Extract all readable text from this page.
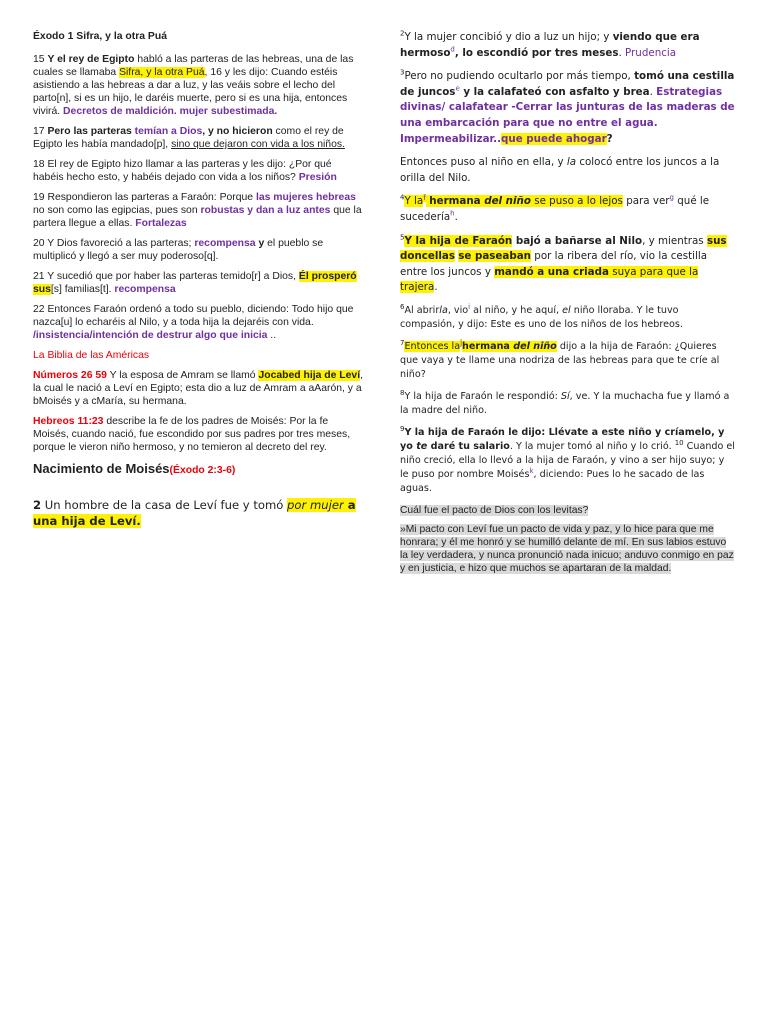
Éxodo 1 Sifra, y la otra Puá

15 Y el rey de Egipto habló a las parteras de las hebreas, una de las cuales se llamaba Sifra, y la otra Puá, 16 y les dijo: Cuando estéis asistiendo a las hebreas a dar a luz, y las veáis sobre el lecho del parto[n], si es un hijo, le daréis muerte, pero si es una hija, entonces vivirá. Decretos de maldición. mujer subestimada.

17 Pero las parteras temían a Dios, y no hicieron como el rey de Egipto les había mandado[p], sino que dejaron con vida a los niños.

18 El rey de Egipto hizo llamar a las parteras y les dijo: ¿Por qué habéis hecho esto, y habéis dejado con vida a los niños? Presión

19 Respondieron las parteras a Faraón: Porque las mujeres hebreas no son como las egipcias, pues son robustas y dan a luz antes que la partera llegue a ellas. Fortalezas

20 Y Dios favoreció a las parteras; recompensa y el pueblo se multiplicó y llegó a ser muy poderoso[q].

21 Y sucedió que por haber las parteras temido[r] a Dios, Él prosperó sus[s] familias[t]. recompensa

22 Entonces Faraón ordenó a todo su pueblo, diciendo: Todo hijo que nazca[u] lo echaréis al Nilo, y a toda hija la dejaréis con vida. /insistencia/intención de destrur algo que inicia ..

La Biblia de las Américas

Números 26 59 Y la esposa de Amram se llamó Jocabed hija de Leví, la cual le nació a Leví en Egipto; esta dio a luz de Amram a aAarón, y a bMoisés y a cMaría, su hermana.

Hebreos 11:23 describe la fe de los padres de Moisés: Por la fe Moisés, cuando nació, fue escondido por sus padres por tres meses, porque le vieron niño hermoso, y no temieron al decreto del rey.

Nacimiento de Moisés(Éxodo 2:3-6)

2 Un hombre de la casa de Leví fue y tomó por mujer a una hija de Leví.

$^2$Y la mujer concibió y dio a luz un hijo; y viendo que era hermoso$^d$, lo escondió por tres meses. Prudencia

$^3$Pero no pudiendo ocultarlo por más tiempo, tomó una cestilla de juncos$^e$ y la calafateó con asfalto y brea. Estrategias divinas/ calafatear -Cerrar las junturas de las maderas de una embarcación para que no entre el agua. Impermeabilizar..que puede ahogar?

Entonces puso al niño en ella, y la colocó entre los juncos a la orilla del Nilo.

$^4$Y la$^f$ hermana del niño se puso a lo lejos para ver$^g$ qué le sucedería$^h$.

$^5$Y la hija de Faraón bajó a bañarse al Nilo, y mientras sus doncellas se paseaban por la ribera del río, vio la cestilla entre los juncos y mandó a una criada suya para que la trajera.

$^6$Al abrirla, vio$^i$ al niño, y he aquí, el niño lloraba. Y le tuvo compasión, y dijo: Este es uno de los niños de los hebreos.

$^7$Entonces la hermana del niño dijo a la hija de Faraón: ¿Quieres que vaya y te llame una nodriza de las hebreas para que te críe al niño?

$^8$Y la hija de Faraón le respondió: Sí, ve. Y la muchacha fue y llamó a la madre del niño.

$^9$Y la hija de Faraón le dijo: Llévate a este niño y críamelo, y yo te daré tu salario. Y la mujer tomó al niño y lo crió. $^{10}$ Cuando el niño creció, ella lo llevó a la hija de Faraón, y vino a ser hijo suyo; y le puso por nombre Moisés$^k$, diciendo: Pues lo he sacado de las aguas.

Cuál fue el pacto de Dios con los levitas?

»Mi pacto con Leví fue un pacto de vida y paz, y lo hice para que me honrara; y él me honró y se humilló delante de mí. En sus labios estuvo la ley verdadera, y nunca pronunció nada inicuo; anduvo conmigo en paz y en justicia, e hizo que muchos se apartaran de la maldad.
